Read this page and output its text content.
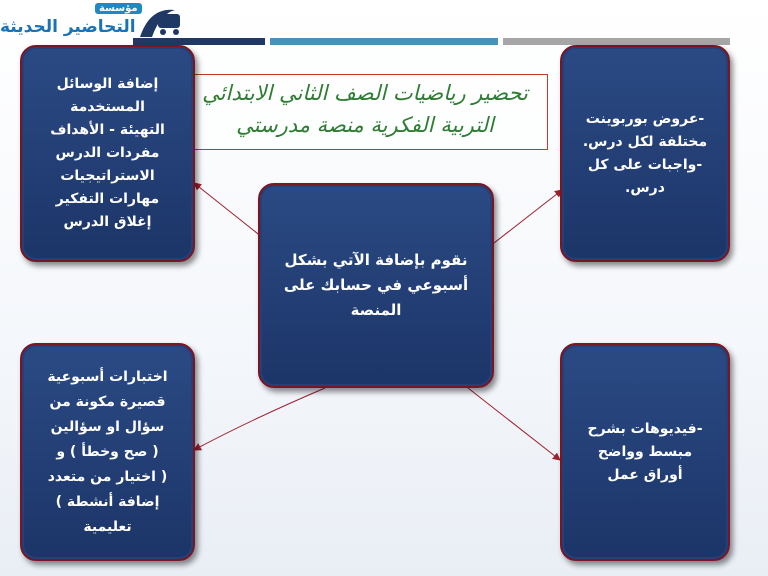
مؤسسة
التحاضير الحديثة
تحضير رياضيات الصف الثاني الابتدائي
التربية الفكرية منصة مدرستي
إضافة الوسائل
المستخدمة
التهيئة - الأهداف
مفردات الدرس
الاستراتيجيات
مهارات التفكير
إغلاق الدرس
-عروض بوربوينت
مختلفة لكل درس.
-واجبات على كل
درس.
نقوم بإضافة الآتي بشكل
أسبوعي في حسابك على
المنصة
اختبارات أسبوعية
قصيرة مكونة من
سؤال او سؤالين
( صح وخطأ ) و
( اختيار من متعدد
إضافة أنشطة )
تعليمية
-فيديوهات بشرح
مبسط وواضح
أوراق عمل
